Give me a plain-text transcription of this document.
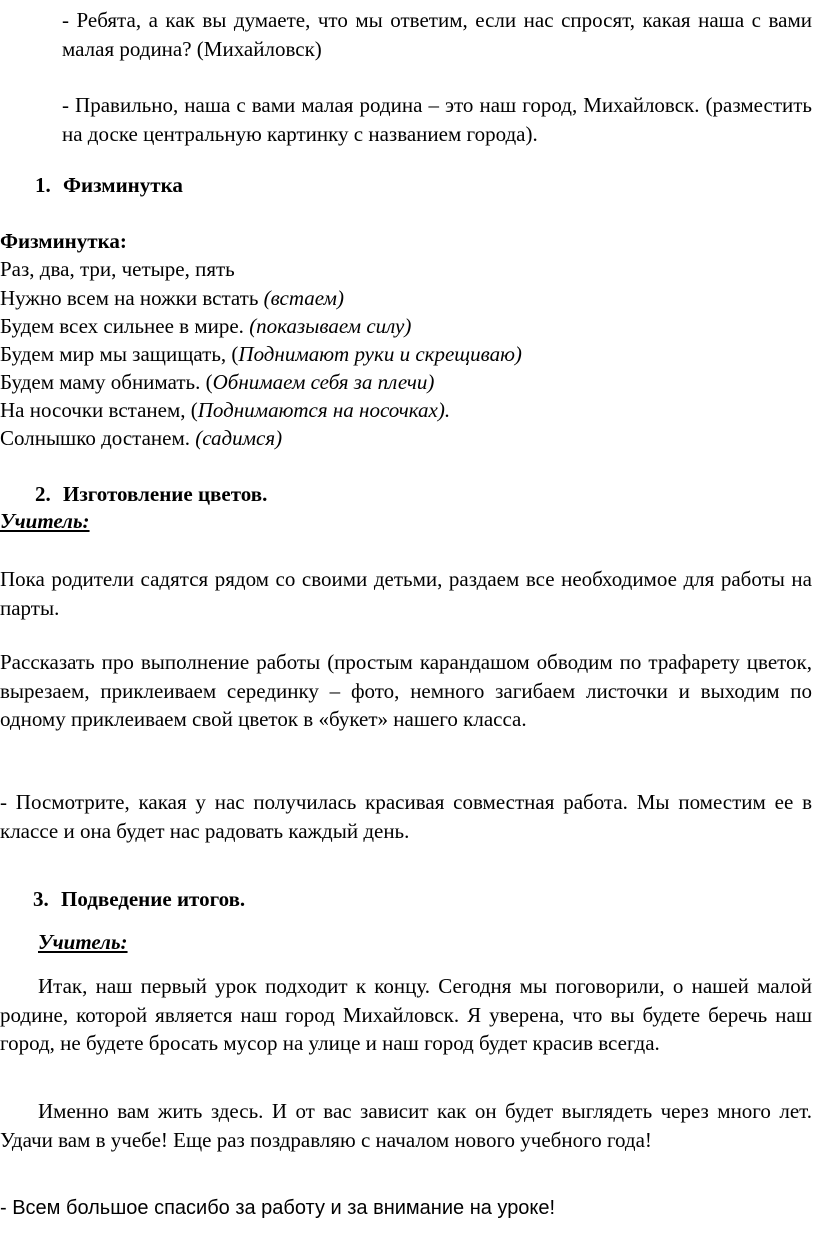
- Ребята, а как вы думаете, что мы ответим, если нас спросят, какая наша с вами малая родина? (Михайловск)

- Правильно, наша с вами малая родина – это наш город, Михайловск. (разместить на доске центральную картинку с названием города).

1. Физминутка
Физминутка:
Раз, два, три, четыре, пять
Нужно всем на ножки встать (встаем)
Будем всех сильнее в мире. (показываем силу)
Будем мир мы защищать, (Поднимают руки и скрещиваю)
Будем маму обнимать. (Обнимаем себя за плечи)
На носочки встанем, (Поднимаются на носочках).
Солнышко достанем. (садимся)
2. Изготовление цветов.
Учитель:

Пока родители садятся рядом со своими детьми, раздаем все необходимое для работы на парты.

Рассказать про выполнение работы (простым карандашом обводим по трафарету цветок, вырезаем, приклеиваем серединку – фото, немного загибаем листочки и выходим по одному приклеиваем свой цветок в «букет» нашего класса.

- Посмотрите, какая у нас получилась красивая совместная работа. Мы поместим ее в классе и она будет нас радовать каждый день.

3. Подведение итогов.
Учитель:

Итак, наш первый урок подходит к концу. Сегодня мы поговорили, о нашей малой родине, которой является наш город Михайловск. Я уверена, что вы будете беречь наш город, не будете бросать мусор на улице и наш город будет красив всегда.

Именно вам жить здесь. И от вас зависит как он будет выглядеть через много лет. Удачи вам в учебе! Еще раз поздравляю с началом нового учебного года!

- Всем большое спасибо за работу и за внимание на уроке!
